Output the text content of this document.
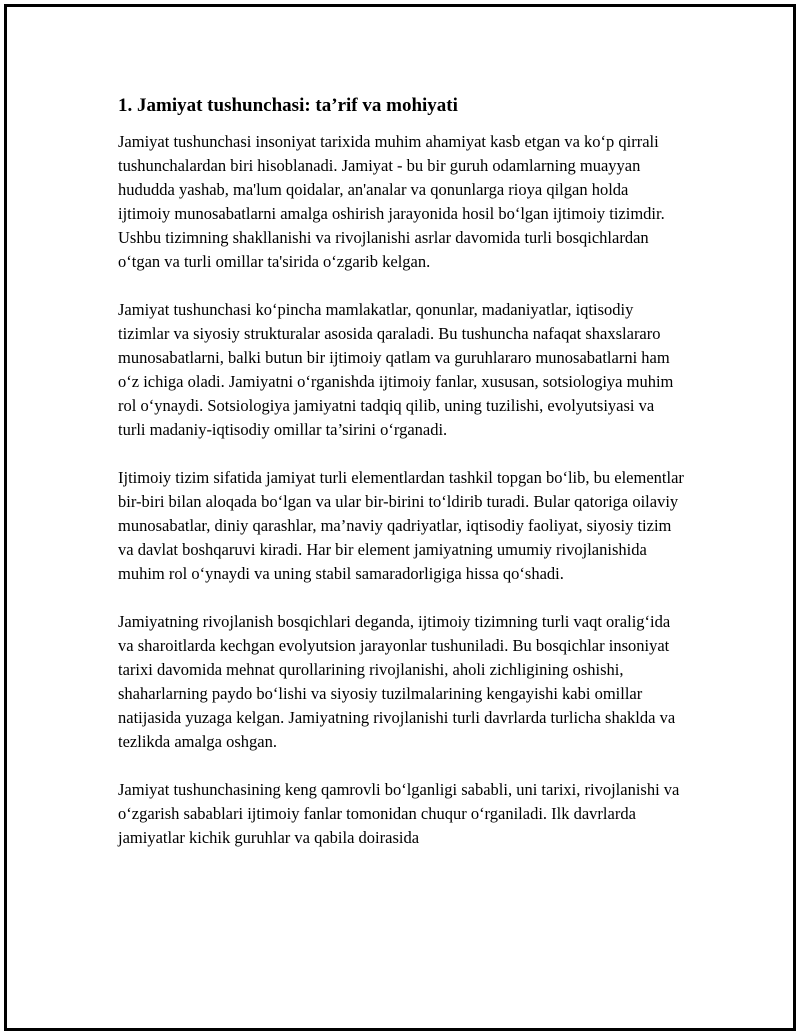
1. Jamiyat tushunchasi: ta’rif va mohiyati

Jamiyat tushunchasi insoniyat tarixida muhim ahamiyat kasb etgan va ko‘p qirrali tushunchalardan biri hisoblanadi. Jamiyat - bu bir guruh odamlarning muayyan hududda yashab, ma'lum qoidalar, an'analar va qonunlarga rioya qilgan holda ijtimoiy munosabatlarni amalga oshirish jarayonida hosil bo‘lgan ijtimoiy tizimdir. Ushbu tizimning shakllanishi va rivojlanishi asrlar davomida turli bosqichlardan o‘tgan va turli omillar ta'sirida o‘zgarib kelgan.

Jamiyat tushunchasi ko‘pincha mamlakatlar, qonunlar, madaniyatlar, iqtisodiy tizimlar va siyosiy strukturalar asosida qaraladi. Bu tushuncha nafaqat shaxslararo munosabatlarni, balki butun bir ijtimoiy qatlam va guruhlararo munosabatlarni ham o‘z ichiga oladi. Jamiyatni o‘rganishda ijtimoiy fanlar, xususan, sotsiologiya muhim rol o‘ynaydi. Sotsiologiya jamiyatni tadqiq qilib, uning tuzilishi, evolyutsiyasi va turli madaniy-iqtisodiy omillar ta’sirini o‘rganadi.

Ijtimoiy tizim sifatida jamiyat turli elementlardan tashkil topgan bo‘lib, bu elementlar bir-biri bilan aloqada bo‘lgan va ular bir-birini to‘ldirib turadi. Bular qatoriga oilaviy munosabatlar, diniy qarashlar, ma’naviy qadriyatlar, iqtisodiy faoliyat, siyosiy tizim va davlat boshqaruvi kiradi. Har bir element jamiyatning umumiy rivojlanishida muhim rol o‘ynaydi va uning stabil samaradorligiga hissa qo‘shadi.

Jamiyatning rivojlanish bosqichlari deganda, ijtimoiy tizimning turli vaqt oralig‘ida va sharoitlarda kechgan evolyutsion jarayonlar tushuniladi. Bu bosqichlar insoniyat tarixi davomida mehnat qurollarining rivojlanishi, aholi zichligining oshishi, shaharlarning paydo bo‘lishi va siyosiy tuzilmalarining kengayishi kabi omillar natijasida yuzaga kelgan. Jamiyatning rivojlanishi turli davrlarda turlicha shaklda va tezlikda amalga oshgan.

Jamiyat tushunchasining keng qamrovli bo‘lganligi sababli, uni tarixi, rivojlanishi va o‘zgarish sabablari ijtimoiy fanlar tomonidan chuqur o‘rganiladi. Ilk davrlarda jamiyatlar kichik guruhlar va qabila doirasida
